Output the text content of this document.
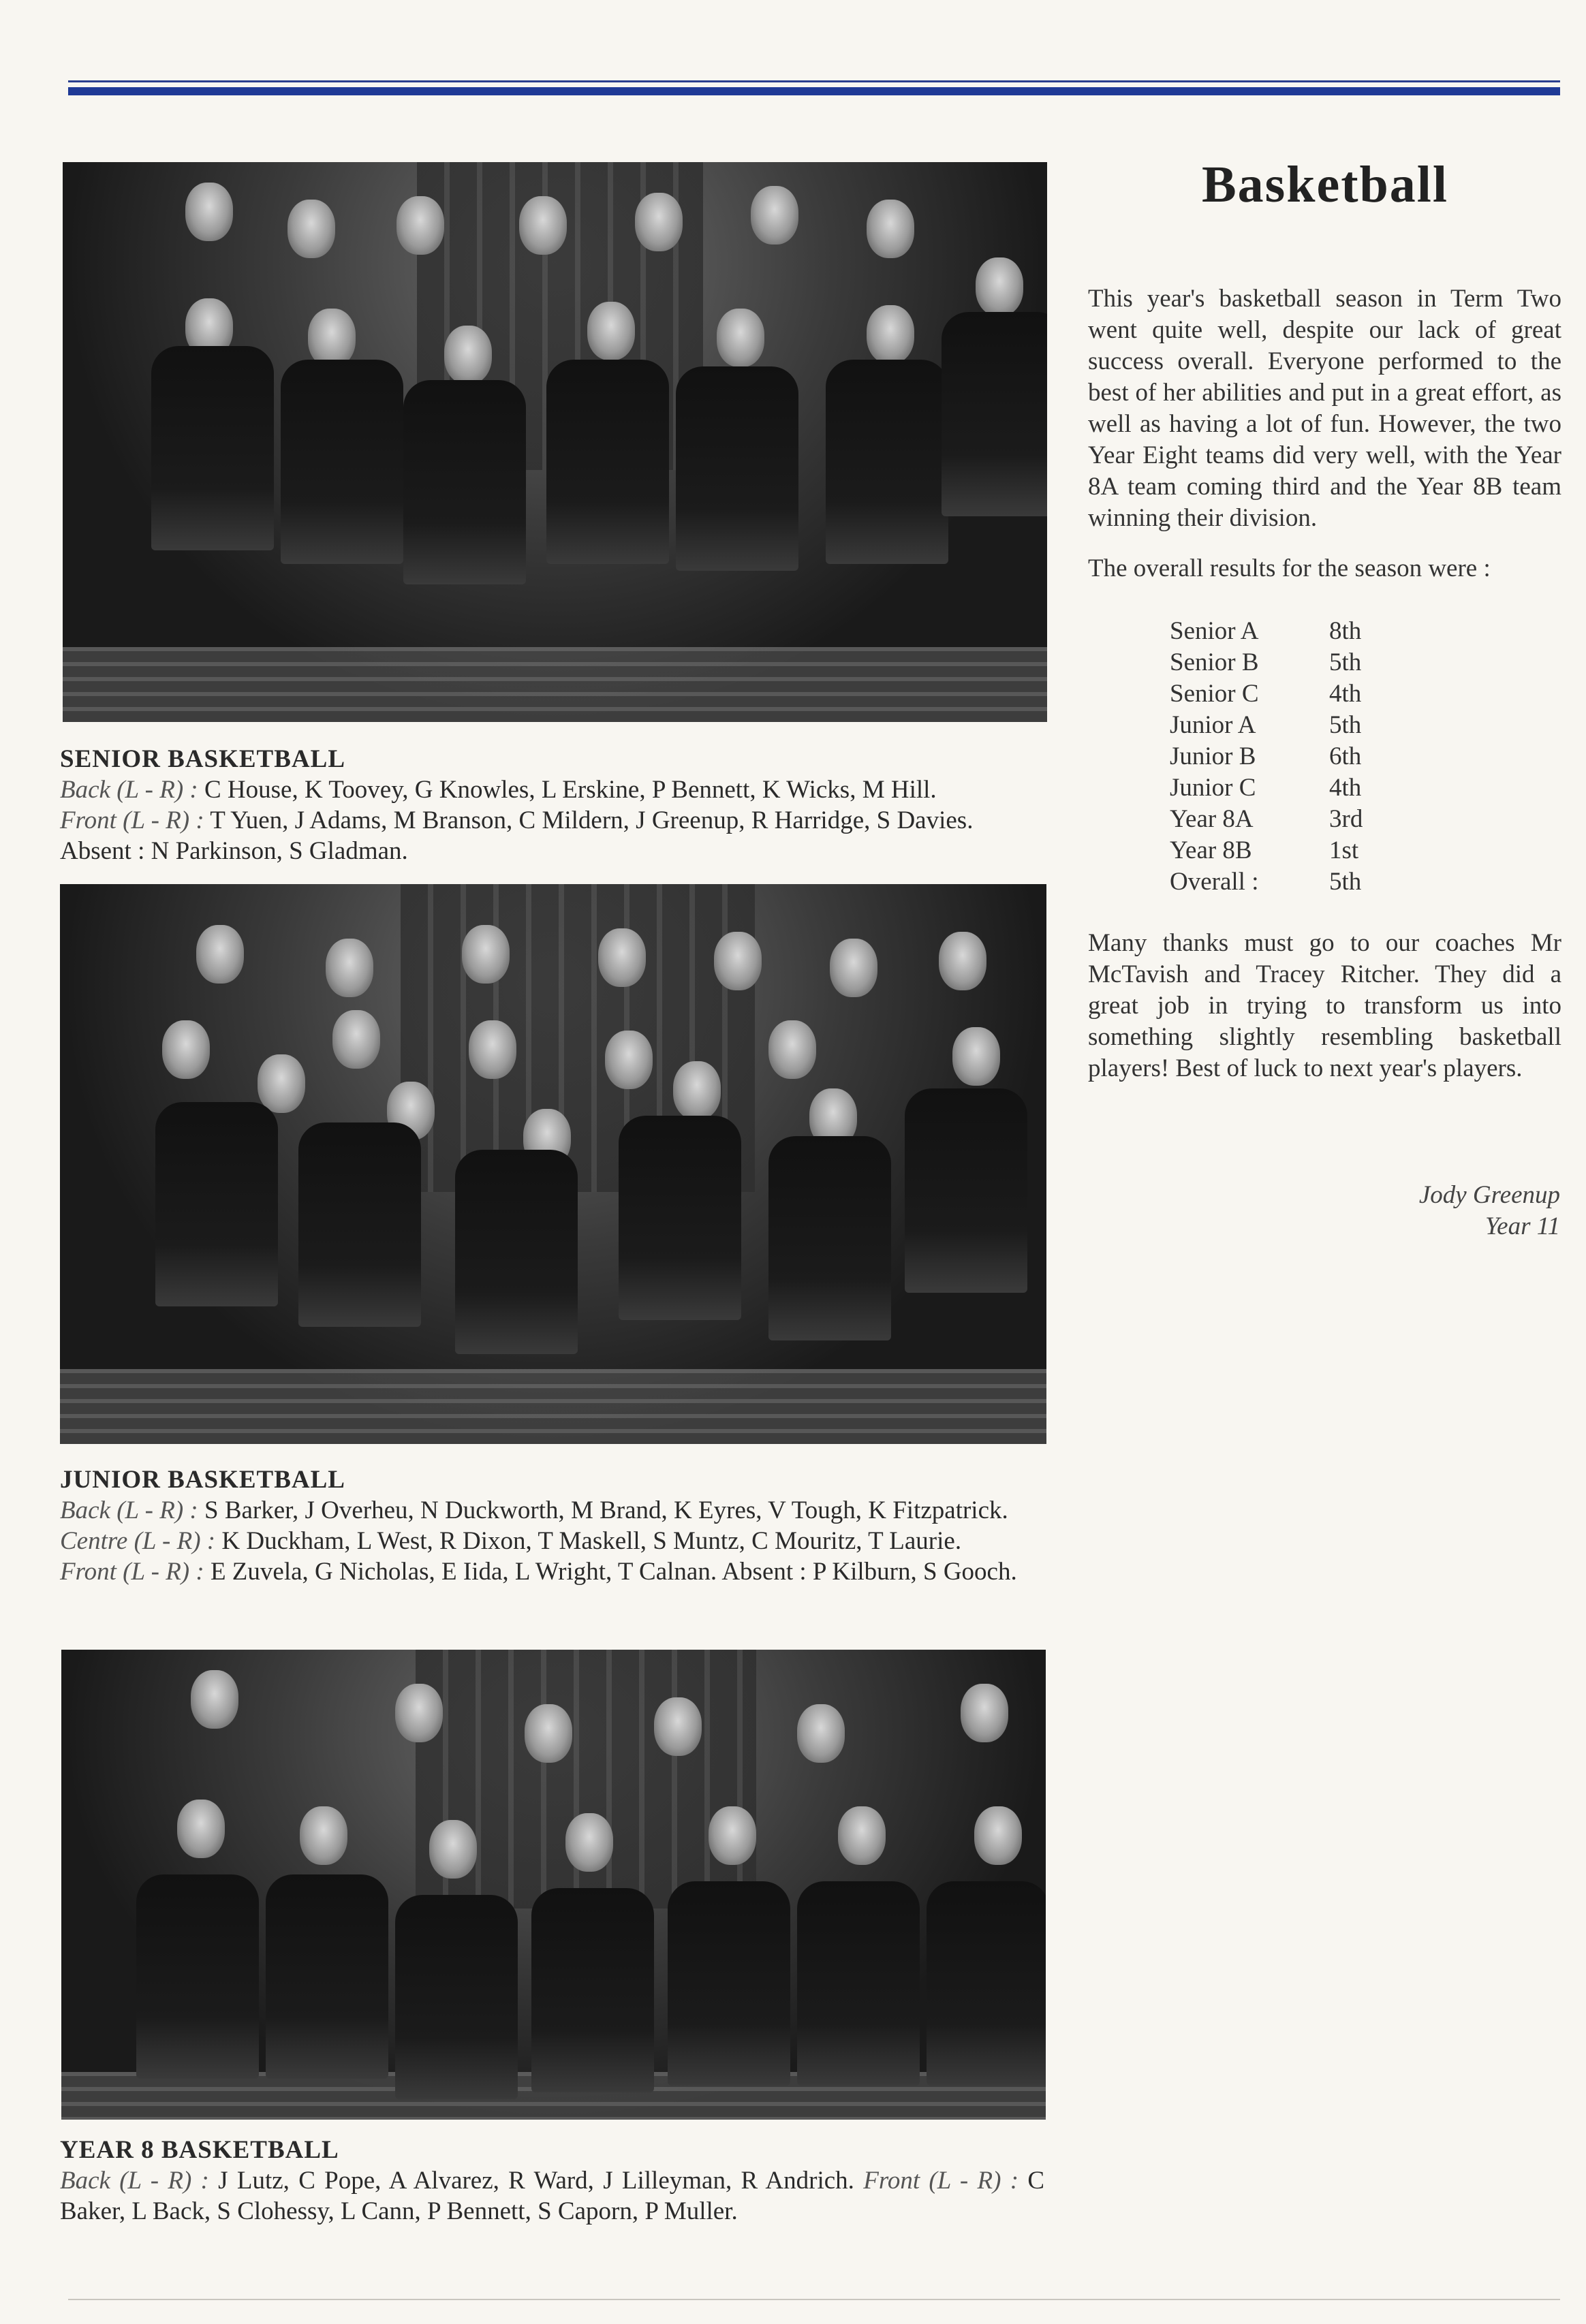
SENIOR BASKETBALL
Back (L - R) : C House, K Toovey, G Knowles, L Erskine, P Bennett, K Wicks, M Hill.
Front (L - R) : T Yuen, J Adams, M Branson, C Mildern, J Greenup, R Harridge, S Davies.
Absent : N Parkinson, S Gladman.
JUNIOR BASKETBALL
Back (L - R) : S Barker, J Overheu, N Duckworth, M Brand, K Eyres, V Tough, K Fitzpatrick.
Centre (L - R) : K Duckham, L West, R Dixon, T Maskell, S Muntz, C Mouritz, T Laurie.
Front (L - R) : E Zuvela, G Nicholas, E Iida, L Wright, T Calnan. Absent : P Kilburn, S Gooch.
YEAR 8 BASKETBALL
Back (L - R) : J Lutz, C Pope, A Alvarez, R Ward, J Lilleyman, R Andrich. Front (L - R) : C Baker, L Back, S Clohessy, L Cann, P Bennett, S Caporn, P Muller.
Basketball
This year's basketball season in Term Two went quite well, despite our lack of great success overall. Everyone performed to the best of her abilities and put in a great effort, as well as having a lot of fun. However, the two Year Eight teams did very well, with the Year 8A team coming third and the Year 8B team winning their division.
The overall results for the season were :
Senior A	8th
Senior B	5th
Senior C	4th
Junior A	5th
Junior B	6th
Junior C	4th
Year 8A	3rd
Year 8B	1st
Overall :	5th
Many thanks must go to our coaches Mr McTavish and Tracey Ritcher. They did a great job in trying to transform us into something slightly resembling basketball players! Best of luck to next year's players.
Jody Greenup
Year 11
